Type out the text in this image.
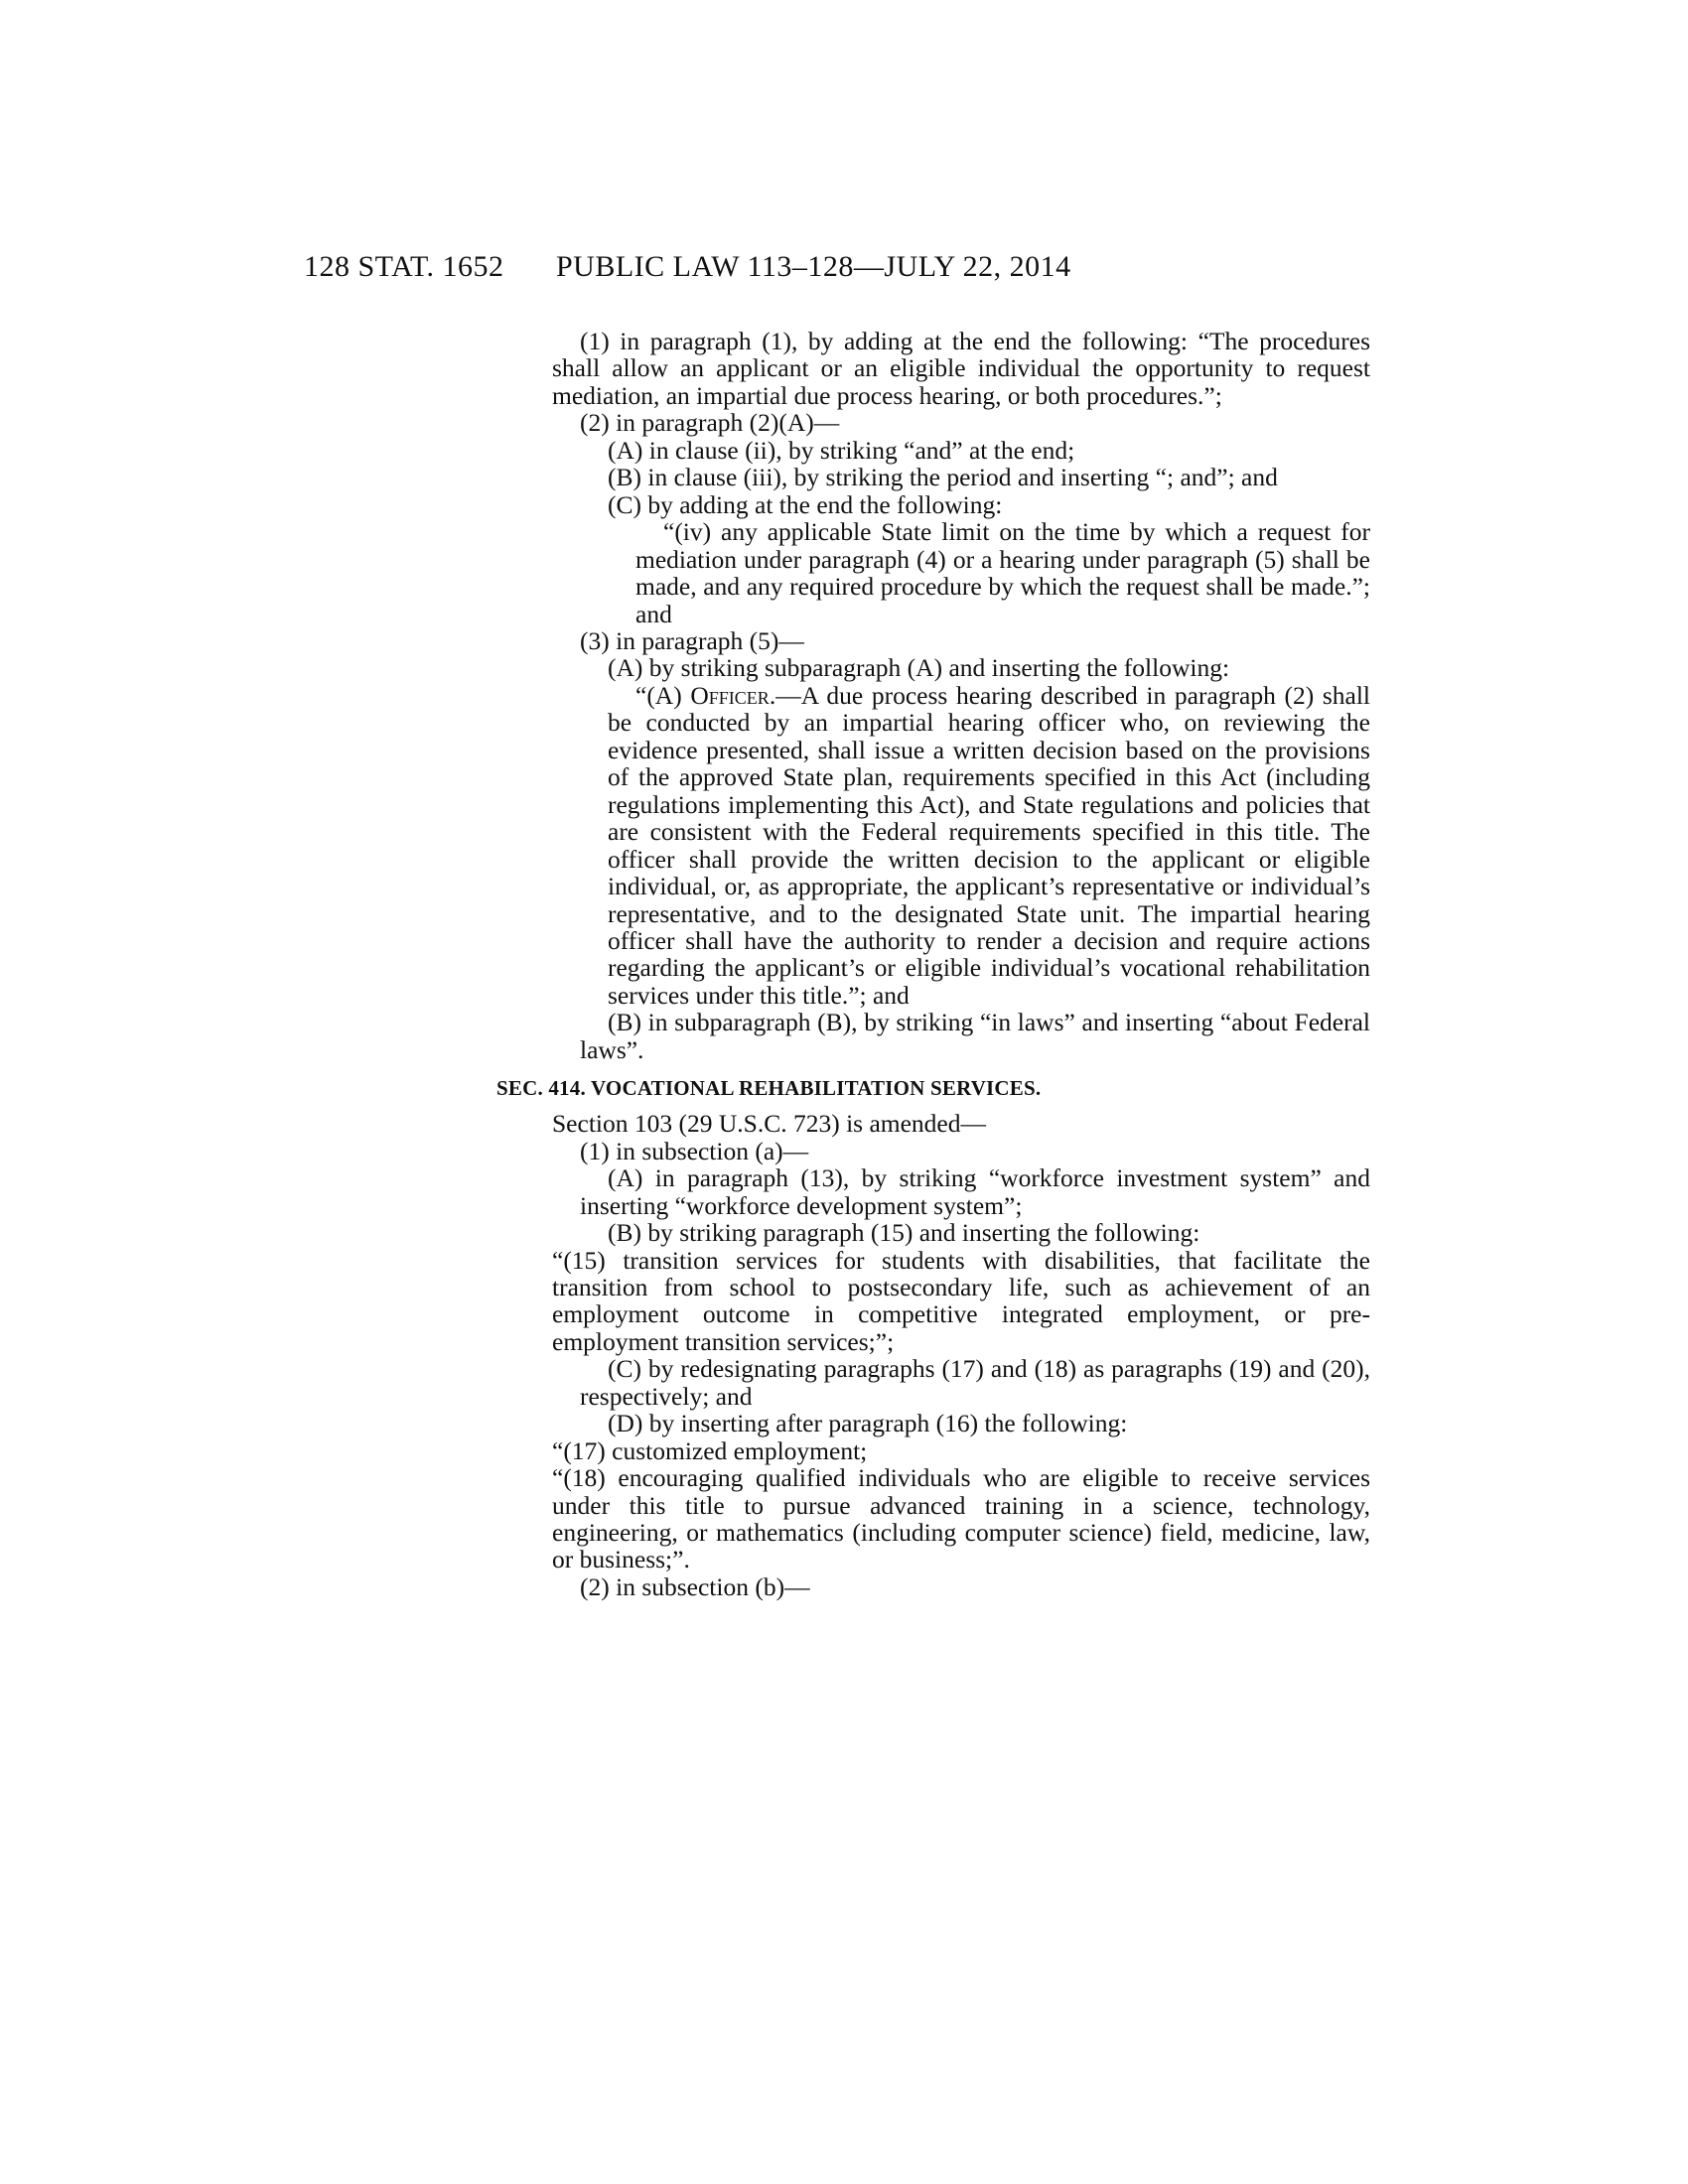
128 STAT. 1652 PUBLIC LAW 113–128—JULY 22, 2014
(1) in paragraph (1), by adding at the end the following: “The procedures shall allow an applicant or an eligible individual the opportunity to request mediation, an impartial due process hearing, or both procedures.”;
(2) in paragraph (2)(A)—
(A) in clause (ii), by striking “and” at the end;
(B) in clause (iii), by striking the period and inserting “; and”; and
(C) by adding at the end the following:
“(iv) any applicable State limit on the time by which a request for mediation under paragraph (4) or a hearing under paragraph (5) shall be made, and any required procedure by which the request shall be made.”; and
(3) in paragraph (5)—
(A) by striking subparagraph (A) and inserting the following:
“(A) Officer.—A due process hearing described in paragraph (2) shall be conducted by an impartial hearing officer who, on reviewing the evidence presented, shall issue a written decision based on the provisions of the approved State plan, requirements specified in this Act (including regulations implementing this Act), and State regulations and policies that are consistent with the Federal requirements specified in this title. The officer shall provide the written decision to the applicant or eligible individual, or, as appropriate, the applicant’s representative or individual’s representative, and to the designated State unit. The impartial hearing officer shall have the authority to render a decision and require actions regarding the applicant’s or eligible individual’s vocational rehabilitation services under this title.”; and
(B) in subparagraph (B), by striking “in laws” and inserting “about Federal laws”.
SEC. 414. VOCATIONAL REHABILITATION SERVICES.
Section 103 (29 U.S.C. 723) is amended—
(1) in subsection (a)—
(A) in paragraph (13), by striking “workforce investment system” and inserting “workforce development system”;
(B) by striking paragraph (15) and inserting the following:
“(15) transition services for students with disabilities, that facilitate the transition from school to postsecondary life, such as achievement of an employment outcome in competitive integrated employment, or pre-employment transition services;”;
(C) by redesignating paragraphs (17) and (18) as paragraphs (19) and (20), respectively; and
(D) by inserting after paragraph (16) the following:
“(17) customized employment;
“(18) encouraging qualified individuals who are eligible to receive services under this title to pursue advanced training in a science, technology, engineering, or mathematics (including computer science) field, medicine, law, or business;”.
(2) in subsection (b)—
